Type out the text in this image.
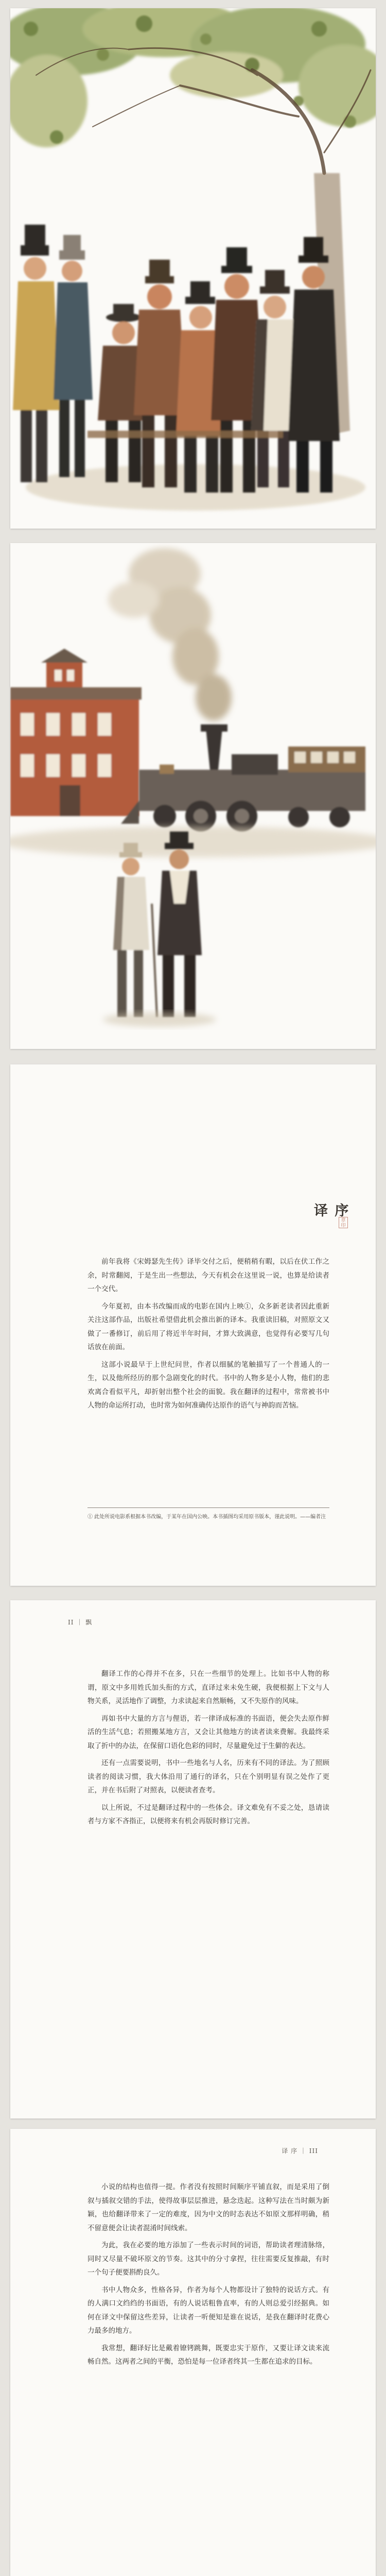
译 序
章印

前年我将《宋姆瑟先生传》译毕交付之后，便稍稍有暇，以后在伏工作之余，时常翻阅，于是生出一些想法，今天有机会在这里说一说，也算是给读者一个交代。

今年夏初，由本书改编而成的电影在国内上映①，众多新老读者因此重新关注这部作品，出版社希望借此机会推出新的译本。我重读旧稿，对照原文又做了一番修订，前后用了将近半年时间，才算大致满意，也觉得有必要写几句话放在前面。

这部小说最早于上世纪问世，作者以细腻的笔触描写了一个普通人的一生，以及他所经历的那个急剧变化的时代。书中的人物多是小人物，他们的悲欢离合看似平凡，却折射出整个社会的面貌。我在翻译的过程中，常常被书中人物的命运所打动，也时常为如何准确传达原作的语气与神韵而苦恼。

① 此处所说电影系根据本书改编，于某年在国内公映。本书插图均采用原书版本，谨此说明。——编者注
II ｜ 飘

翻译工作的心得并不在多，只在一些细节的处理上。比如书中人物的称谓，原文中多用姓氏加头衔的方式，直译过来未免生硬，我便根据上下文与人物关系，灵活地作了调整，力求读起来自然顺畅，又不失原作的风味。

再如书中大量的方言与俚语，若一律译成标准的书面语，便会失去原作鲜活的生活气息；若照搬某地方言，又会让其他地方的读者读来费解。我最终采取了折中的办法，在保留口语化色彩的同时，尽量避免过于生僻的表达。

还有一点需要说明，书中一些地名与人名，历来有不同的译法。为了照顾读者的阅读习惯，我大体沿用了通行的译名，只在个别明显有误之处作了更正，并在书后附了对照表，以便读者查考。

以上所说，不过是翻译过程中的一些体会。译文难免有不妥之处，恳请读者与方家不吝指正，以便将来有机会再版时修订完善。

译 序 ｜ III

小说的结构也值得一提。作者没有按照时间顺序平铺直叙，而是采用了倒叙与插叙交错的手法，使得故事层层推进，悬念迭起。这种写法在当时颇为新颖，也给翻译带来了一定的难度，因为中文的时态表达不如原文那样明确，稍不留意便会让读者混淆时间线索。

为此，我在必要的地方添加了一些表示时间的词语，帮助读者理清脉络，同时又尽量不破坏原文的节奏。这其中的分寸拿捏，往往需要反复推敲，有时一个句子便要斟酌良久。

书中人物众多，性格各异，作者为每个人物都设计了独特的说话方式。有的人满口文绉绉的书面语，有的人说话粗鲁直率，有的人则总爱引经据典。如何在译文中保留这些差异，让读者一听便知是谁在说话，是我在翻译时花费心力最多的地方。

我常想，翻译好比是戴着镣铐跳舞，既要忠实于原作，又要让译文读来流畅自然。这两者之间的平衡，恐怕是每一位译者终其一生都在追求的目标。
